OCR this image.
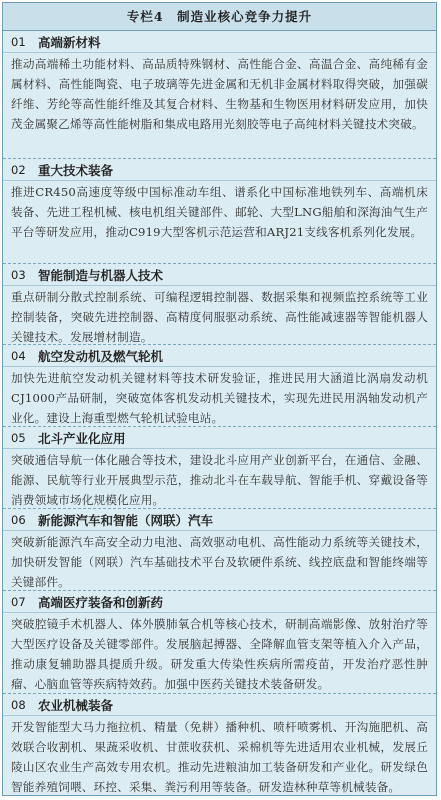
专栏4　制造业核心竞争力提升
01 高端新材料
推动高端稀土功能材料、高品质特殊钢材、高性能合金、高温合金、高纯稀有金属材料、高性能陶瓷、电子玻璃等先进金属和无机非金属材料取得突破，加强碳纤维、芳纶等高性能纤维及其复合材料、生物基和生物医用材料研发应用，加快茂金属聚乙烯等高性能树脂和集成电路用光刻胶等电子高纯材料关键技术突破。
02 重大技术装备
推进CR450高速度等级中国标准动车组、谱系化中国标准地铁列车、高端机床装备、先进工程机械、核电机组关键部件、邮轮、大型LNG船舶和深海油气生产平台等研发应用，推动C919大型客机示范运营和ARJ21支线客机系列化发展。
03 智能制造与机器人技术
重点研制分散式控制系统、可编程逻辑控制器、数据采集和视频监控系统等工业控制装备，突破先进控制器、高精度伺服驱动系统、高性能减速器等智能机器人关键技术。发展增材制造。
04 航空发动机及燃气轮机
加快先进航空发动机关键材料等技术研发验证，推进民用大涵道比涡扇发动机CJ1000产品研制，突破宽体客机发动机关键技术，实现先进民用涡轴发动机产业化。建设上海重型燃气轮机试验电站。
05 北斗产业化应用
突破通信导航一体化融合等技术，建设北斗应用产业创新平台，在通信、金融、能源、民航等行业开展典型示范，推动北斗在车载导航、智能手机、穿戴设备等消费领域市场化规模化应用。
06 新能源汽车和智能（网联）汽车
突破新能源汽车高安全动力电池、高效驱动电机、高性能动力系统等关键技术，加快研发智能（网联）汽车基础技术平台及软硬件系统、线控底盘和智能终端等关键部件。
07 高端医疗装备和创新药
突破腔镜手术机器人、体外膜肺氧合机等核心技术，研制高端影像、放射治疗等大型医疗设备及关键零部件。发展脑起搏器、全降解血管支架等植入介入产品，推动康复辅助器具提质升级。研发重大传染性疾病所需疫苗，开发治疗恶性肿瘤、心脑血管等疾病特效药。加强中医药关键技术装备研发。
08 农业机械装备
开发智能型大马力拖拉机、精量（免耕）播种机、喷杆喷雾机、开沟施肥机、高效联合收割机、果蔬采收机、甘蔗收获机、采棉机等先进适用农业机械，发展丘陵山区农业生产高效专用农机。推动先进粮油加工装备研发和产业化。研发绿色智能养殖饲喂、环控、采集、粪污利用等装备。研发造林种草等机械装备。
